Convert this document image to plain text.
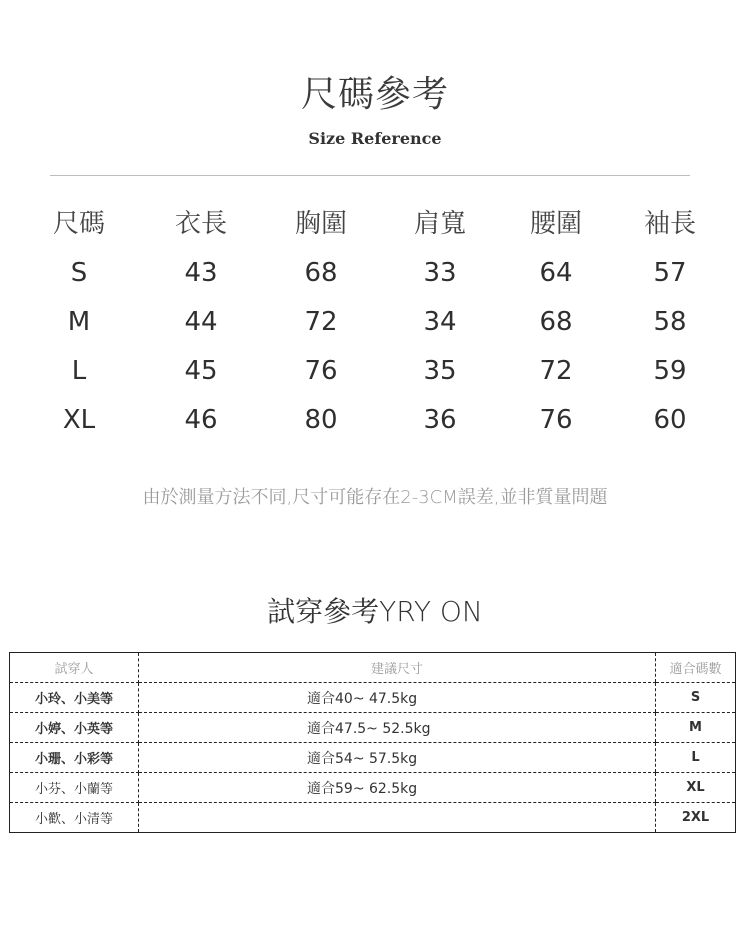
尺碼參考
Size Reference
尺碼	衣長	胸圍	肩寬	腰圍	袖長
S	43	68	33	64	57
M	44	72	34	68	58
L	45	76	35	72	59
XL	46	80	36	76	60
由於測量方法不同,尺寸可能存在2-3CM誤差,並非質量問題
試穿參考YRY ON
試穿人	建議尺寸	適合碼數
小玲、小美等	適合40~ 47.5kg	S
小婷、小英等	適合47.5~ 52.5kg	M
小珊、小彩等	適合54~ 57.5kg	L
小芬、小蘭等	適合59~ 62.5kg	XL
小歡、小清等		2XL
